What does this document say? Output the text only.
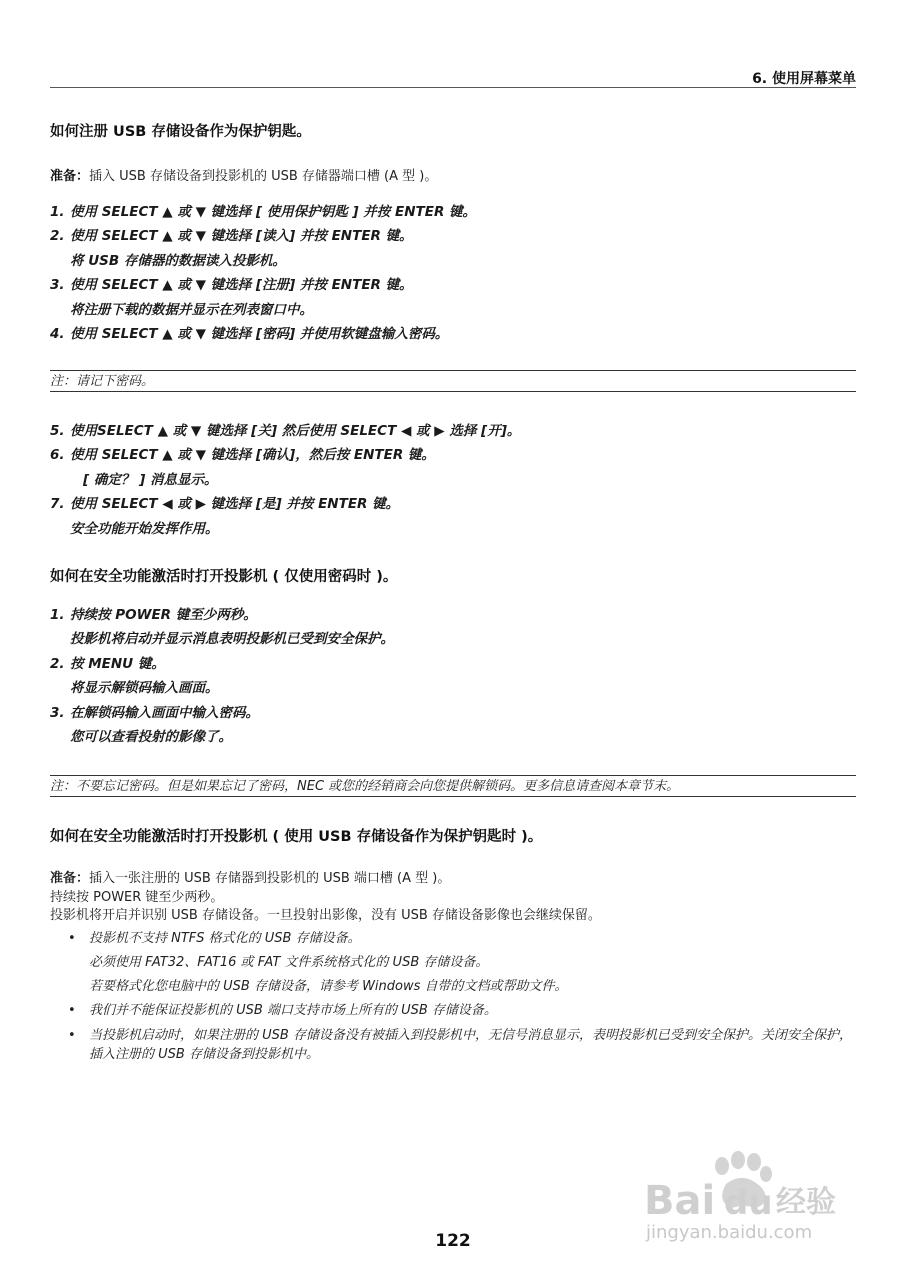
6. 使用屏幕菜单
如何注册 USB 存储设备作为保护钥匙。
准备：插入 USB 存储设备到投影机的 USB 存储器端口槽 (A 型 )。
1. 使用 SELECT ▲ 或 ▼ 键选择 [ 使用保护钥匙 ] 并按 ENTER 键。
2. 使用 SELECT ▲ 或 ▼ 键选择 [读入] 并按 ENTER 键。
将 USB 存储器的数据读入投影机。
3. 使用 SELECT ▲ 或 ▼ 键选择 [注册] 并按 ENTER 键。
将注册下载的数据并显示在列表窗口中。
4. 使用 SELECT ▲ 或 ▼ 键选择 [密码] 并使用软键盘输入密码。
注：请记下密码。
5. 使用SELECT ▲ 或 ▼ 键选择 [关] 然后使用 SELECT ◀ 或 ▶ 选择 [开]。
6. 使用 SELECT ▲ 或 ▼ 键选择 [确认]，然后按 ENTER 键。
[ 确定？ ] 消息显示。
7. 使用 SELECT ◀ 或 ▶ 键选择 [是] 并按 ENTER 键。
安全功能开始发挥作用。
如何在安全功能激活时打开投影机 ( 仅使用密码时 )。
1. 持续按 POWER 键至少两秒。
投影机将启动并显示消息表明投影机已受到安全保护。
2. 按 MENU 键。
将显示解锁码输入画面。
3. 在解锁码输入画面中输入密码。
您可以查看投射的影像了。
注：不要忘记密码。但是如果忘记了密码，NEC 或您的经销商会向您提供解锁码。更多信息请查阅本章节末。
如何在安全功能激活时打开投影机 ( 使用 USB 存储设备作为保护钥匙时 )。
准备：插入一张注册的 USB 存储器到投影机的 USB 端口槽 (A 型 )。
持续按 POWER 键至少两秒。
投影机将开启并识别 USB 存储设备。一旦投射出影像，没有 USB 存储设备影像也会继续保留。
• 投影机不支持 NTFS 格式化的 USB 存储设备。
必须使用 FAT32、FAT16 或 FAT 文件系统格式化的 USB 存储设备。
若要格式化您电脑中的 USB 存储设备，请参考 Windows 自带的文档或帮助文件。
• 我们并不能保证投影机的 USB 端口支持市场上所有的 USB 存储设备。
• 当投影机启动时，如果注册的 USB 存储设备没有被插入到投影机中，无信号消息显示，表明投影机已受到安全保护。关闭安全保护，插入注册的 USB 存储设备到投影机中。
Bai du 经验
jingyan.baidu.com
122
